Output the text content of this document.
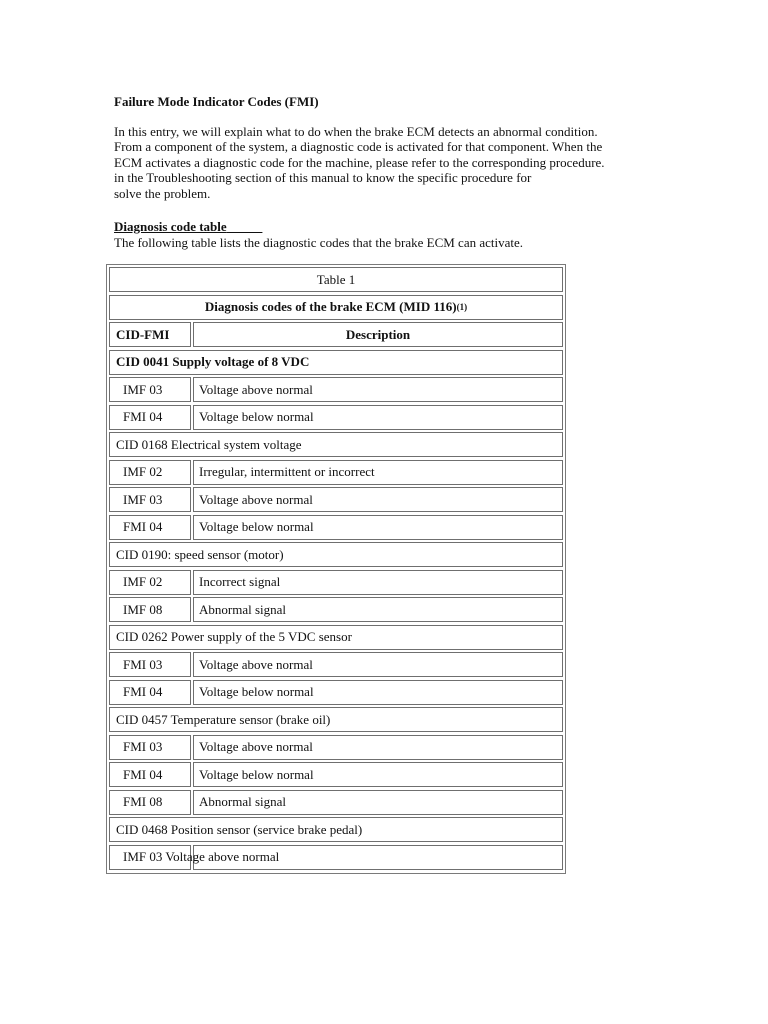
Failure Mode Indicator Codes (FMI)
In this entry, we will explain what to do when the brake ECM detects an abnormal condition.
From a component of the system, a diagnostic code is activated for that component. When the
ECM activates a diagnostic code for the machine, please refer to the corresponding procedure.
in the Troubleshooting section of this manual to know the specific procedure for
solve the problem.
Diagnosis code table
The following table lists the diagnostic codes that the brake ECM can activate.
Table 1
Diagnosis codes of the brake ECM (MID 116) (1)
CID-FMI	Description
CID 0041 Supply voltage of 8 VDC
Voltage above normal
IMF 03
Voltage below normal
FMI 04
CID 0168 Electrical system voltage
Irregular, intermittent or incorrect
IMF 02
Voltage above normal
IMF 03
Voltage below normal
FMI 04
CID 0190: speed sensor (motor)
Incorrect signal
IMF 02
Abnormal signal
IMF 08
CID 0262 Power supply of the 5 VDC sensor
Voltage above normal
FMI 03
Voltage below normal
FMI 04
CID 0457 Temperature sensor (brake oil)
Voltage above normal
FMI 03
Voltage below normal
FMI 04
Abnormal signal
FMI 08
CID 0468 Position sensor (service brake pedal)
IMF 03 Voltage above normal
